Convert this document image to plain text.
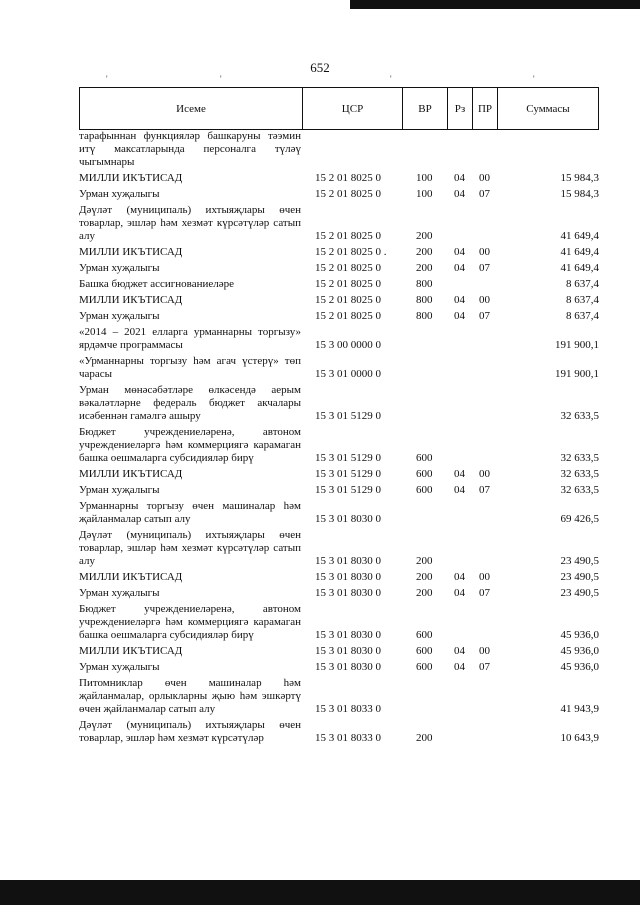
652
'	'	'	'
Исеме	ЦСР	ВР	Рз	ПР	Суммасы
тарафыннан функцияләр башкаруны тәэмин итү максатларында персоналга түләү чыгымнары
МИЛЛИ ИКЪТИСАД	15 2 01 8025 0	100 04 00	15 984,3
Урман хуҗалыгы	15 2 01 8025 0	100 04 07	15 984,3
Дәүләт (муниципаль) ихтыяҗлары өчен товарлар, эшләр һәм хезмәт күрсәтүләр сатып алу	15 2 01 8025 0	200	41 649,4
МИЛЛИ ИКЪТИСАД	15 2 01 8025 0 .	200 04 00	41 649,4
Урман хуҗалыгы	15 2 01 8025 0	200 04 07	41 649,4
Башка бюджет ассигнованиеләре	15 2 01 8025 0	800	8 637,4
МИЛЛИ ИКЪТИСАД	15 2 01 8025 0	800 04 00	8 637,4
Урман хуҗалыгы	15 2 01 8025 0	800 04 07	8 637,4
«2014 – 2021 елларга урманнарны торгызу» ярдәмче программасы	15 3 00 0000 0	191 900,1
«Урманнарны торгызу һәм агач үстерү» төп чарасы	15 3 01 0000 0	191 900,1
Урман мөнәсәбәтләре өлкәсендә аерым вәкаләтләрне федераль бюджет акчалары исәбеннән гамәлгә ашыру	15 3 01 5129 0	32 633,5
Бюджет учреждениеләренә, автоном учреждениеләргә һәм коммерциягә карамаган башка оешмаларга субсидияләр бирү	15 3 01 5129 0	600	32 633,5
МИЛЛИ ИКЪТИСАД	15 3 01 5129 0	600 04 00	32 633,5
Урман хуҗалыгы	15 3 01 5129 0	600 04 07	32 633,5
Урманнарны торгызу өчен машиналар һәм җайланмалар сатып алу	15 3 01 8030 0	69 426,5
Дәүләт (муниципаль) ихтыяҗлары өчен товарлар, эшләр һәм хезмәт күрсәтүләр сатып алу	15 3 01 8030 0	200	23 490,5
МИЛЛИ ИКЪТИСАД	15 3 01 8030 0	200 04 00	23 490,5
Урман хуҗалыгы	15 3 01 8030 0	200 04 07	23 490,5
Бюджет учреждениеләренә, автоном учреждениеләргә һәм коммерциягә карамаган башка оешмаларга субсидияләр бирү	15 3 01 8030 0	600	45 936,0
МИЛЛИ ИКЪТИСАД	15 3 01 8030 0	600 04 00	45 936,0
Урман хуҗалыгы	15 3 01 8030 0	600 04 07	45 936,0
Питомниклар өчен машиналар һәм җайланмалар, орлыкларны җыю һәм эшкәртү өчен җайланмалар сатып алу	15 3 01 8033 0	41 943,9
Дәүләт (муниципаль) ихтыяҗлары өчен товарлар, эшләр һәм хезмәт күрсәтүләр	15 3 01 8033 0	200	10 643,9
